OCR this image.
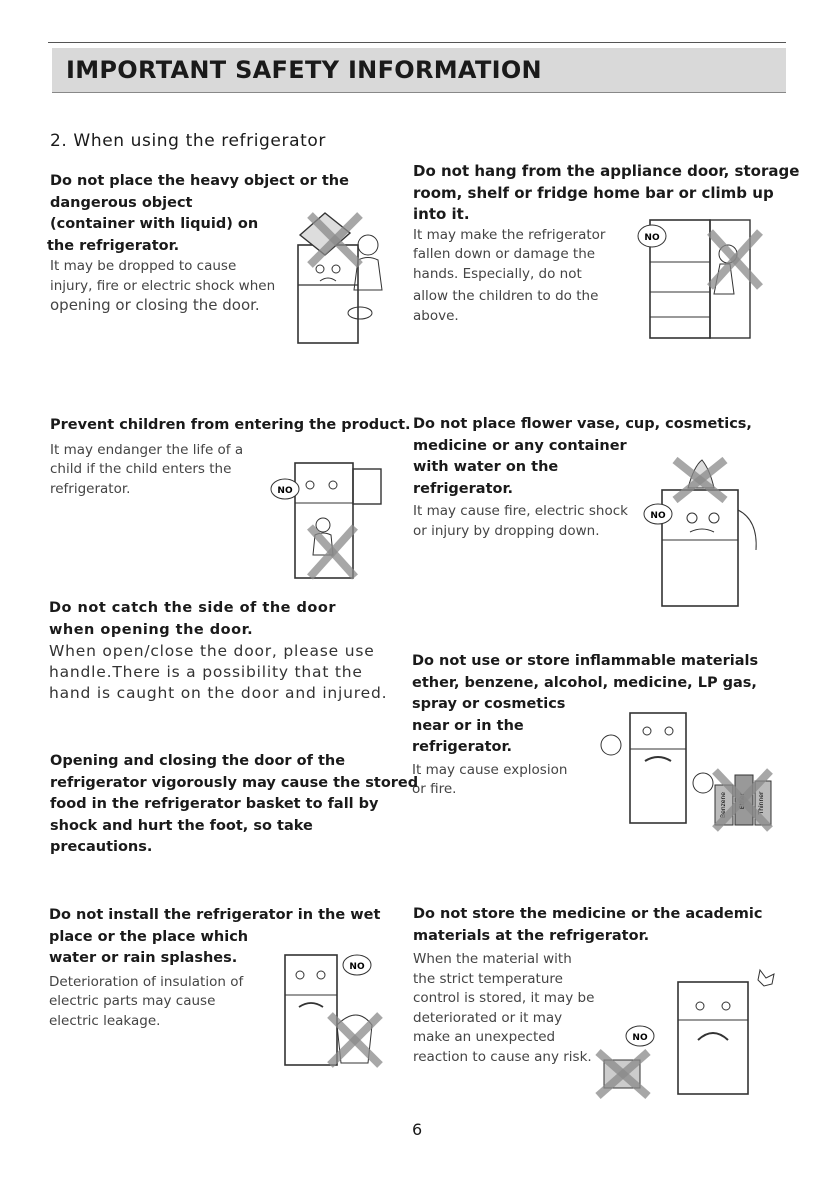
IMPORTANT SAFETY INFORMATION
2. When using the refrigerator
Do not place the heavy object or the
dangerous object
(container with liquid) on
the refrigerator.
It may be dropped to cause
injury, fire or electric shock when
opening or closing the door.
Do not hang from the appliance door, storage
room, shelf or fridge home bar or climb up
into it.
It may make the refrigerator
fallen down or damage the
hands. Especially, do not
allow the children to do the
above.
NO
Prevent children from entering the product.
It may endanger the life of a
child if the child enters the
refrigerator.	NO
Do not place flower vase, cup, cosmetics,
medicine or any container
with water on the
refrigerator.
It may cause fire, electric shock
or injury by dropping down.
NO
Do not catch the side of the door
when opening the door.
When open/close the door, please use
handle.There is a possibility that the
hand is caught on the door and injured.
Do not use or store inflammable materials
ether, benzene, alcohol, medicine, LP gas,
spray or cosmetics
near or in the
refrigerator.
It may cause explosion
or fire.
Benzene	Thinner
Opening and closing the door of the
refrigerator vigorously may cause the stored
food in the refrigerator basket to fall by
shock and hurt the foot, so take
precautions.
Do not install the refrigerator in the wet
place or the place which
water or rain splashes.
Deterioration of insulation of
electric parts may cause
electric leakage.
NO
Do not store the medicine or the academic
materials at the refrigerator.
When the material with
the strict temperature
control is stored, it may be
deteriorated or it may
make an unexpected
reaction to cause any risk.
NO
6
